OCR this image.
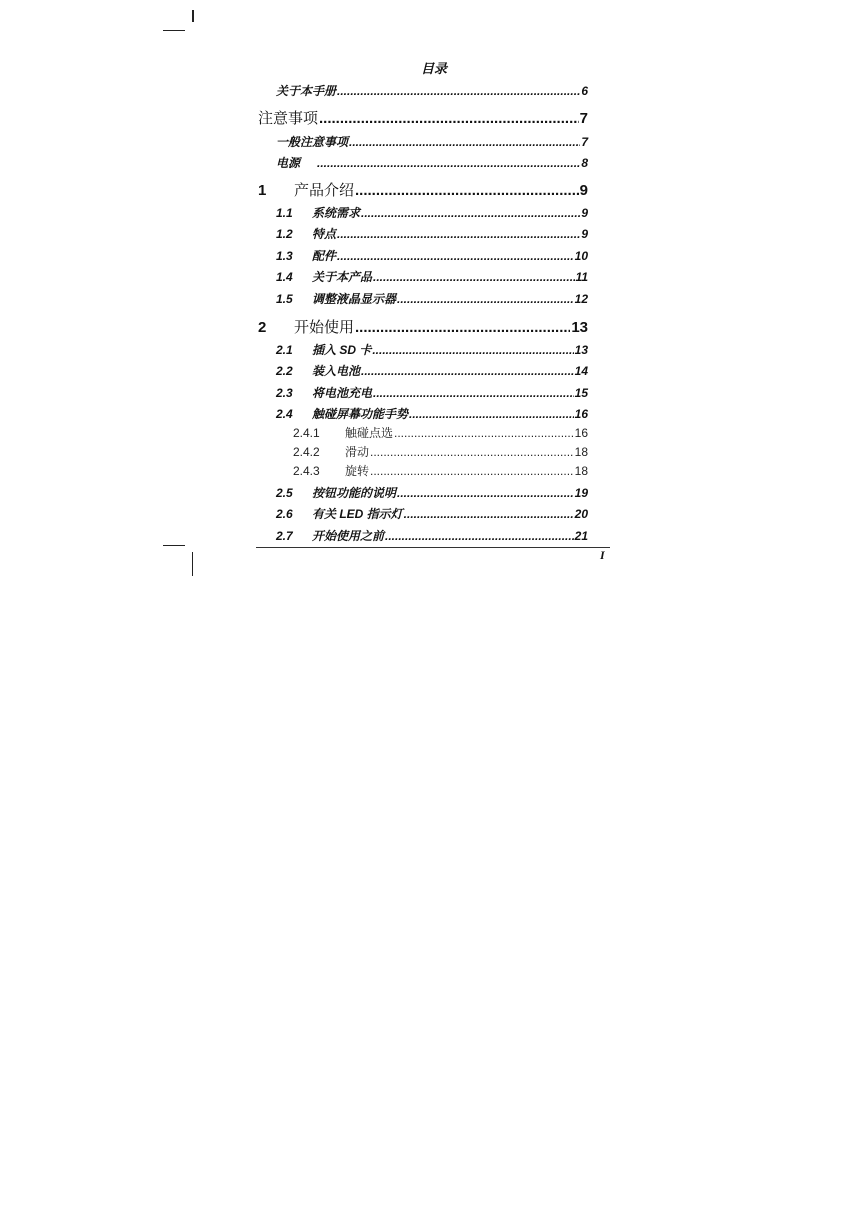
目录
关于本手册 .....	6
注意事项 .....	7
一般注意事项 .....	7
电源 .....	8
1	产品介绍 .....	9
1.1	系统需求 .....	9
1.2	特点 .....	9
1.3	配件 .....	10
1.4	关于本产品 .....	11
1.5	调整液晶显示器 .....	12
2	开始使用 .....	13
2.1	插入 SD 卡 .....	13
2.2	装入电池 .....	14
2.3	将电池充电 .....	15
2.4	触碰屏幕功能手势 .....	16
2.4.1	触碰点选 .....	16
2.4.2	滑动 .....	18
2.4.3	旋转 .....	18
2.5	按钮功能的说明 .....	19
2.6	有关 LED 指示灯 .....	20
2.7	开始使用之前 .....	21
I
